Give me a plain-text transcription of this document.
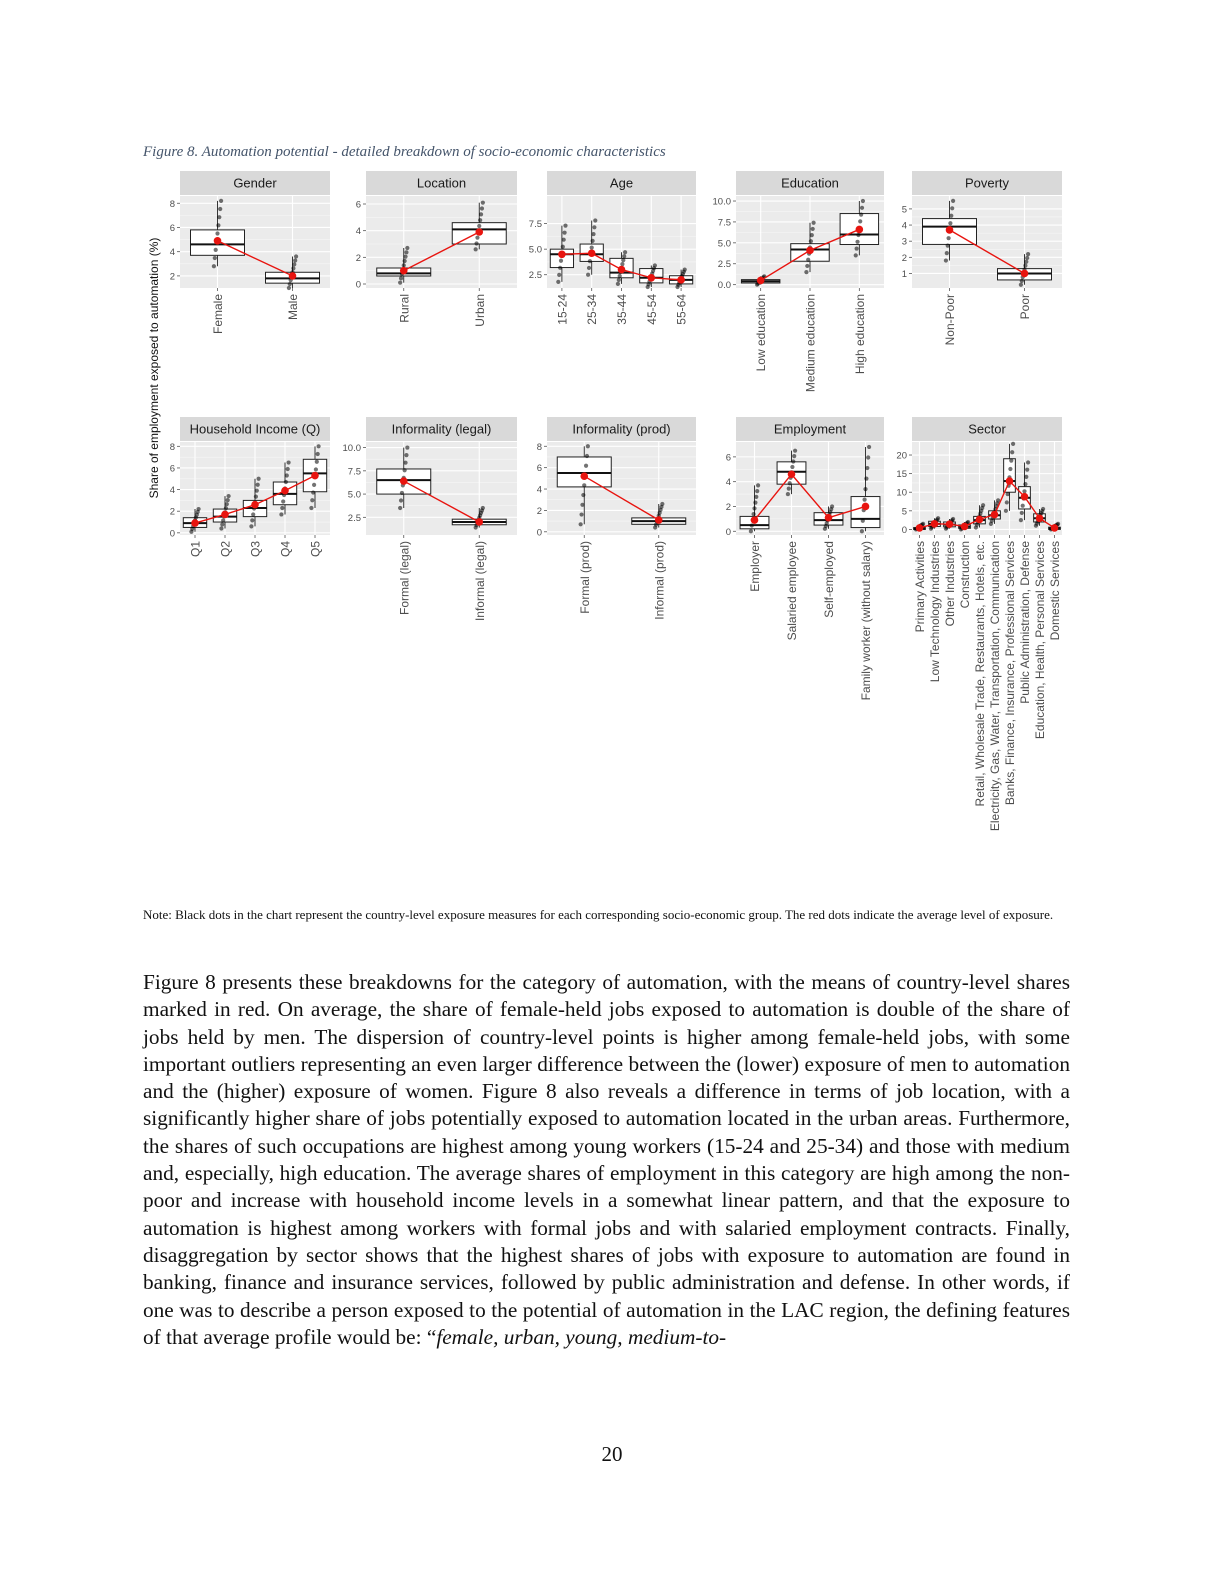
Figure 8. Automation potential - detailed breakdown of socio-economic characteristics
Share of employment exposed to automation (%)
Gender
2
4
6
8
Female	Male
Location
0
2
4
6
Rural	Urban
Age
2.5
5.0
7.5
15-24 25-34 35-44 45-54 55-64
Education
0.0
2.5
5.0
7.5
10.0
Low education	Medium education	High education
Poverty
1
2
3
4
5
Non-Poor	Poor
Household Income (Q)
0
2
4
6
8
Q1 Q2 Q3 Q4 Q5
Informality (legal)
2.5
5.0
7.5
10.0
Formal (legal)	Informal (legal)
Informality (prod)
0
2
4
6
8
Formal (prod)	Informal (prod)
Employment
0
2
4
6
Employer Salaried employee Self-employed Family worker (without salary)
Sector
0
5
10
15
20
Primary Activities Low Technology Industries Other Industries Construction Retail, Wholesale Trade, Restaurants, Hotels, etc. Electricity, Gas, Water, Transportation, Communication Banks, Finance, Insurance, Professional Services Public Administration, Defense Education, Health, Personal Services Domestic Services
Note: Black dots in the chart represent the country-level exposure measures for each corresponding socio-economic group. The red dots indicate the average level of exposure.
Figure 8 presents these breakdowns for the category of automation, with the means of country-level shares marked in red. On average, the share of female-held jobs exposed to automation is double of the share of jobs held by men. The dispersion of country-level points is higher among female-held jobs, with some important outliers representing an even larger difference between the (lower) exposure of men to automation and the (higher) exposure of women. Figure 8 also reveals a difference in terms of job location, with a significantly higher share of jobs potentially exposed to automation located in the urban areas. Furthermore, the shares of such occupations are highest among young workers (15-24 and 25-34) and those with medium and, especially, high education. The average shares of employment in this category are high among the non-poor and increase with household income levels in a somewhat linear pattern, and that the exposure to automation is highest among workers with formal jobs and with salaried employment contracts. Finally, disaggregation by sector shows that the highest shares of jobs with exposure to automation are found in banking, finance and insurance services, followed by public administration and defense. In other words, if one was to describe a person exposed to the potential of automation in the LAC region, the defining features of that average profile would be: “female, urban, young, medium-to-
20
